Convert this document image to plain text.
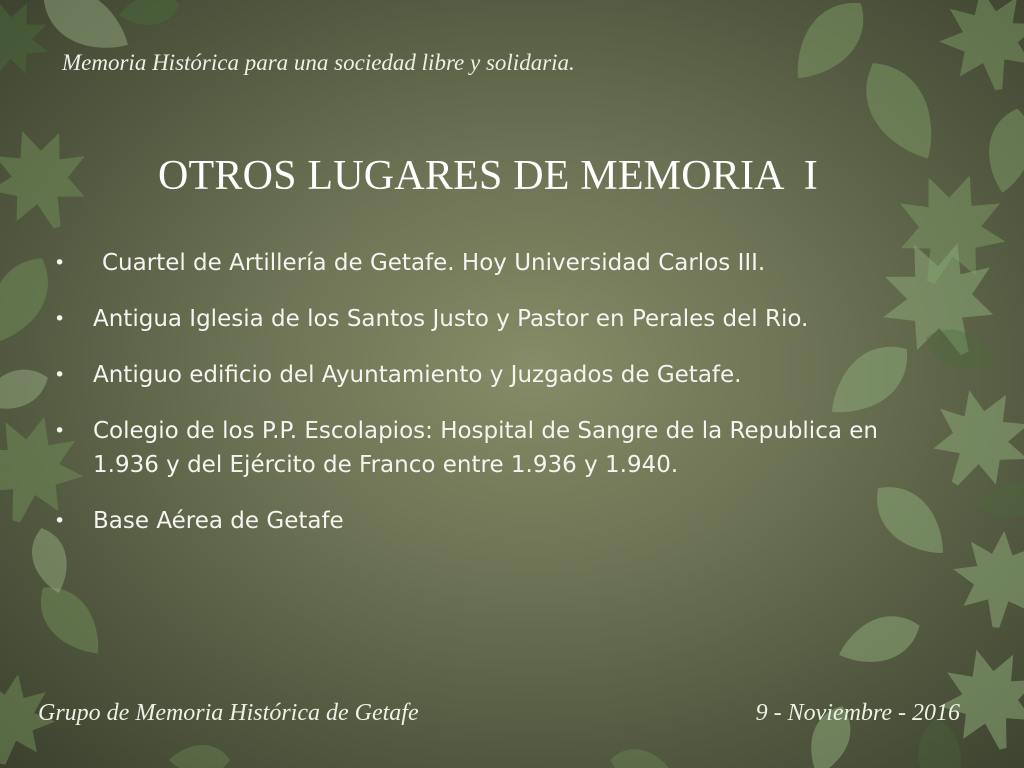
Memoria Histórica para una sociedad libre y solidaria.
OTROS LUGARES DE MEMORIA  I
• Cuartel de Artillería de Getafe. Hoy Universidad Carlos III.
• Antigua Iglesia de los Santos Justo y Pastor en Perales del Rio.
• Antiguo edificio del Ayuntamiento y Juzgados de Getafe.
• Colegio de los P.P. Escolapios: Hospital de Sangre de la Republica en 1.936 y del Ejército de Franco entre 1.936 y 1.940.
• Base Aérea de Getafe
Grupo de Memoria Histórica de Getafe	9 - Noviembre - 2016
